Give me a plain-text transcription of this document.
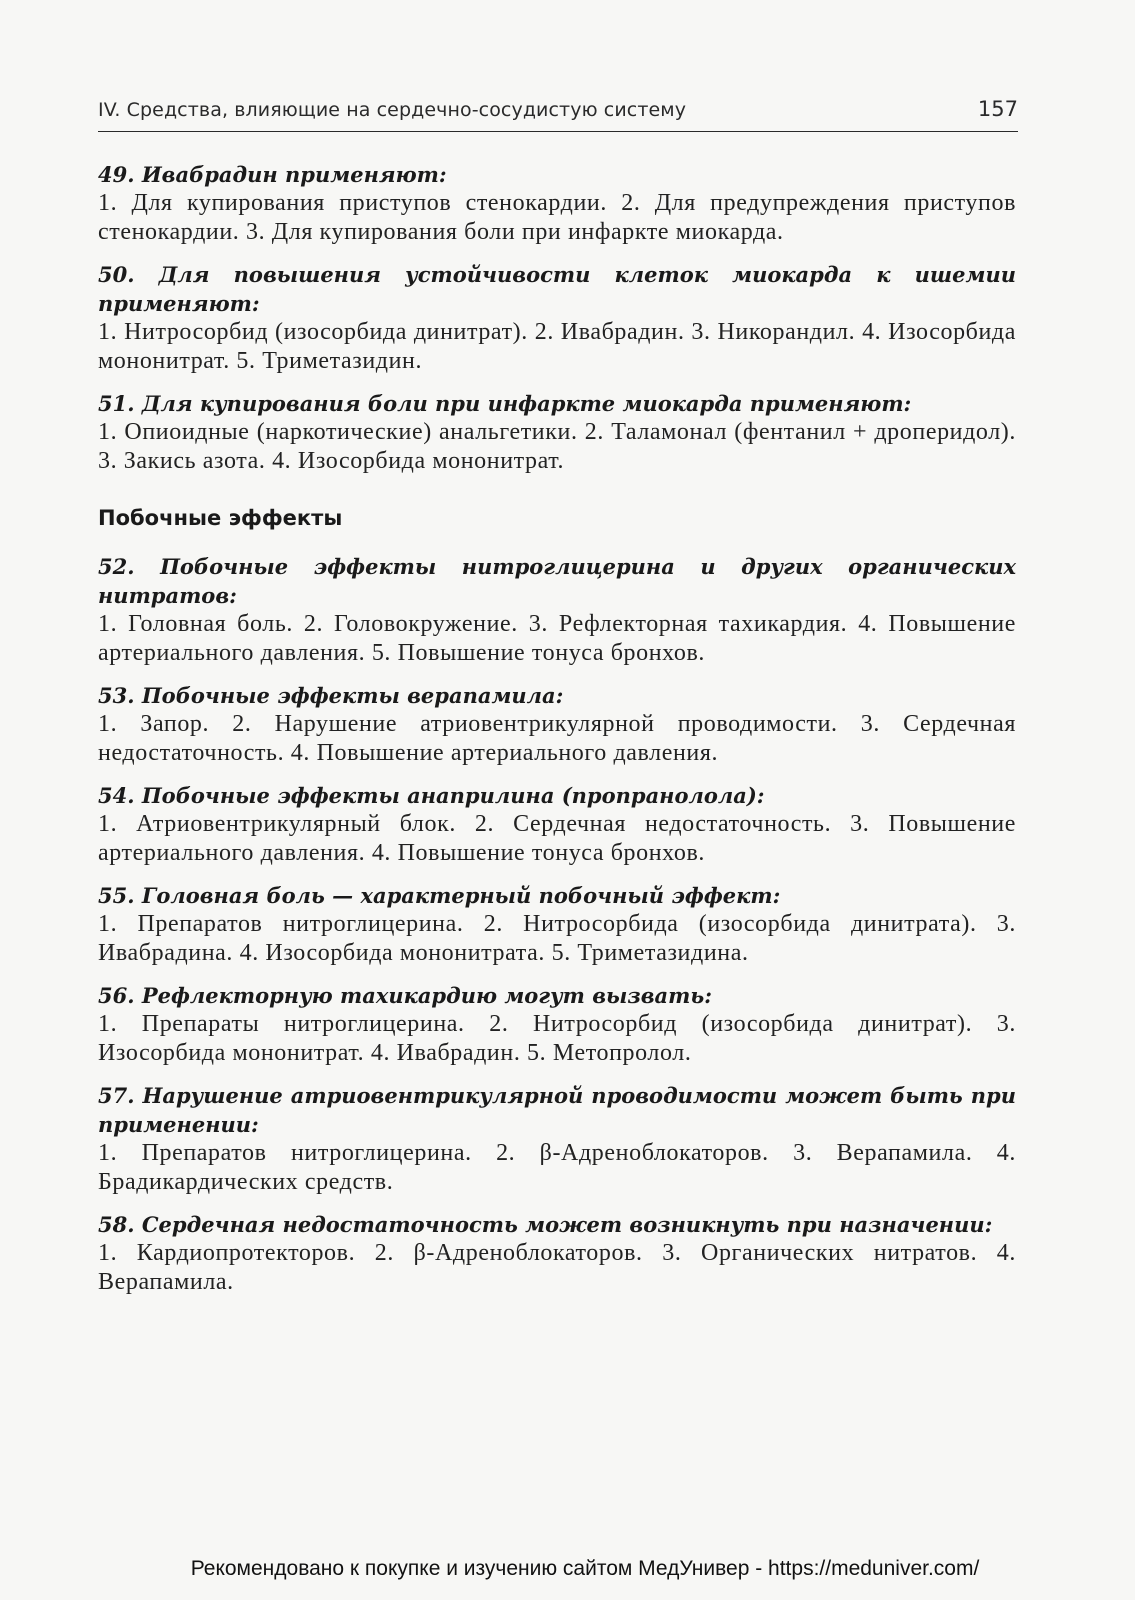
IV. Средства, влияющие на сердечно-сосудистую систему	157
49. Ивабрадин применяют:
1. Для купирования приступов стенокардии. 2. Для предупреждения приступов стенокардии. 3. Для купирования боли при инфаркте миокарда.
50. Для повышения устойчивости клеток миокарда к ишемии применяют:
1. Нитросорбид (изосорбида динитрат). 2. Ивабрадин. 3. Никорандил. 4. Изосорбида мононитрат. 5. Триметазидин.
51. Для купирования боли при инфаркте миокарда применяют:
1. Опиоидные (наркотические) анальгетики. 2. Таламонал (фентанил + дроперидол). 3. Закись азота. 4. Изосорбида мононитрат.
Побочные эффекты
52. Побочные эффекты нитроглицерина и других органических нитратов:
1. Головная боль. 2. Головокружение. 3. Рефлекторная тахикардия. 4. Повышение артериального давления. 5. Повышение тонуса бронхов.
53. Побочные эффекты верапамила:
1. Запор. 2. Нарушение атриовентрикулярной проводимости. 3. Сердечная недостаточность. 4. Повышение артериального давления.
54. Побочные эффекты анаприлина (пропранолола):
1. Атриовентрикулярный блок. 2. Сердечная недостаточность. 3. Повышение артериального давления. 4. Повышение тонуса бронхов.
55. Головная боль — характерный побочный эффект:
1. Препаратов нитроглицерина. 2. Нитросорбида (изосорбида динитрата). 3. Ивабрадина. 4. Изосорбида мононитрата. 5. Триметазидина.
56. Рефлекторную тахикардию могут вызвать:
1. Препараты нитроглицерина. 2. Нитросорбид (изосорбида динитрат). 3. Изосорбида мононитрат. 4. Ивабрадин. 5. Метопролол.
57. Нарушение атриовентрикулярной проводимости может быть при применении:
1. Препаратов нитроглицерина. 2. β-Адреноблокаторов. 3. Верапамила. 4. Брадикардических средств.
58. Сердечная недостаточность может возникнуть при назначении:
1. Кардиопротекторов. 2. β-Адреноблокаторов. 3. Органических нитратов. 4. Верапамила.
Рекомендовано к покупке и изучению сайтом МедУнивер - https://meduniver.com/
